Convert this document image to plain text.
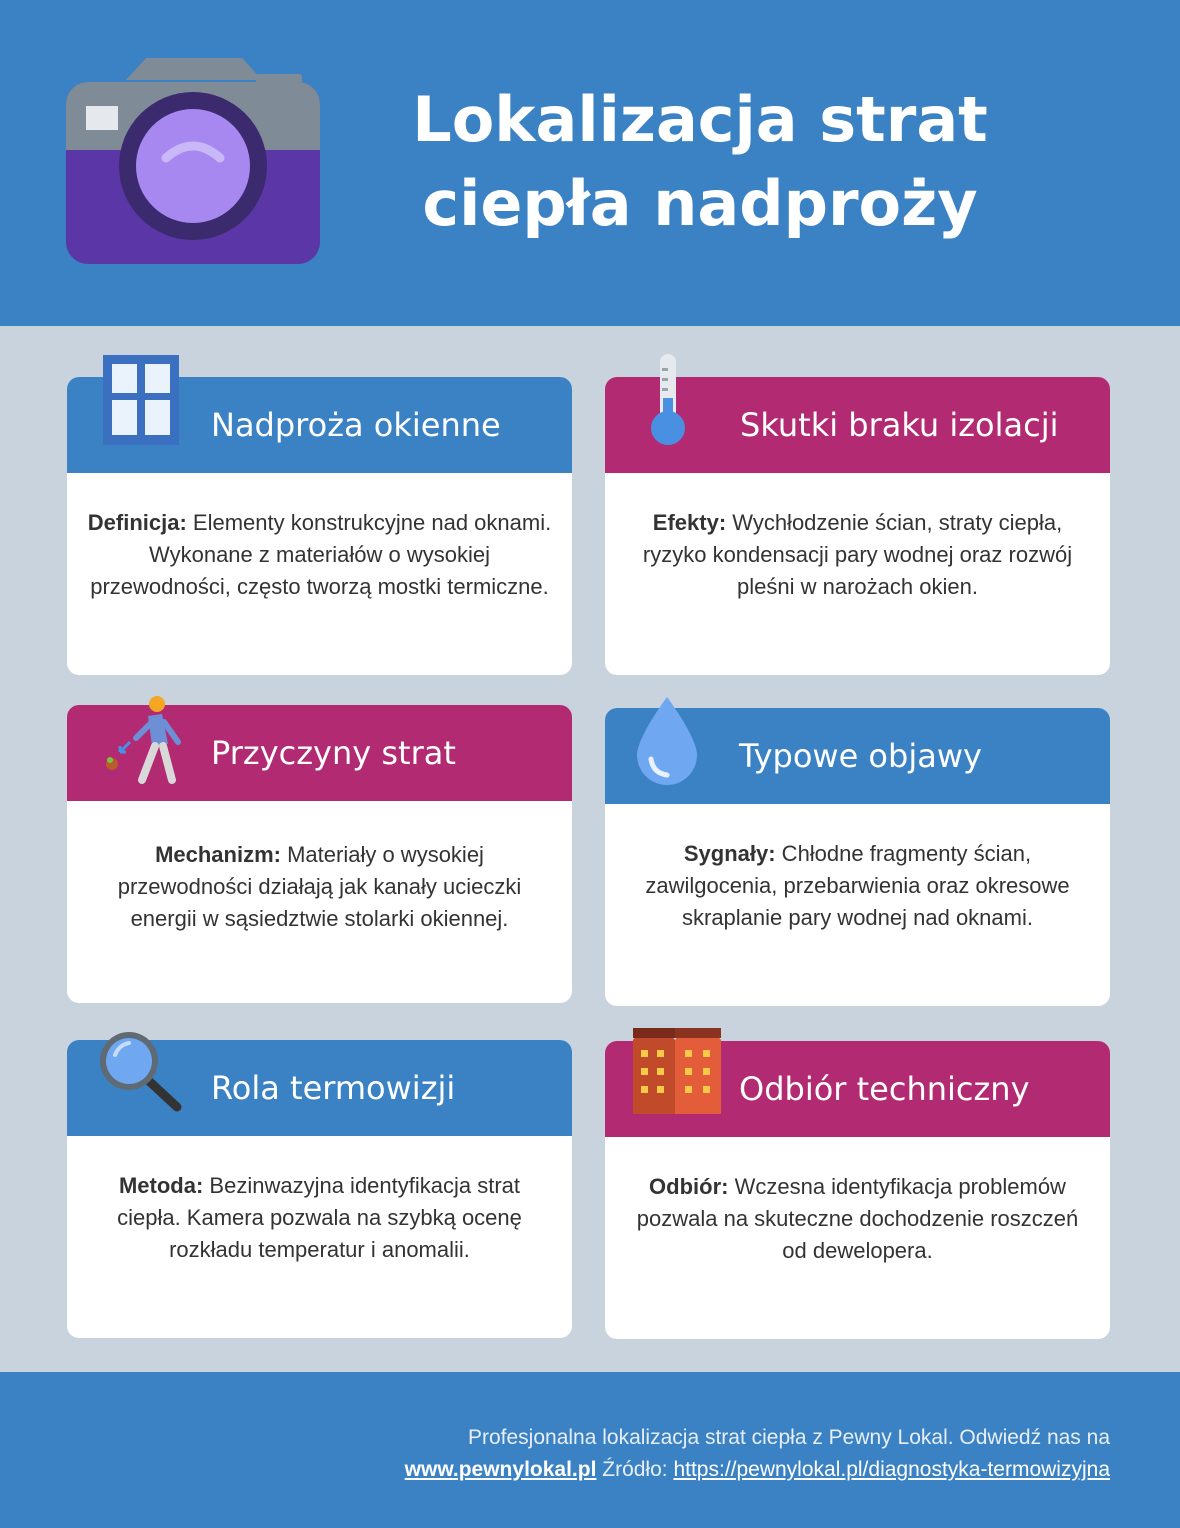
Lokalizacja strat
ciepła nadproży
Nadproża okienne
Definicja: Elementy konstrukcyjne nad oknami. Wykonane z materiałów o wysokiej przewodności, często tworzą mostki termiczne.
Skutki braku izolacji
Efekty: Wychłodzenie ścian, straty ciepła, ryzyko kondensacji pary wodnej oraz rozwój pleśni w narożach okien.
Przyczyny strat
Mechanizm: Materiały o wysokiej przewodności działają jak kanały ucieczki energii w sąsiedztwie stolarki okiennej.
Typowe objawy
Sygnały: Chłodne fragmenty ścian, zawilgocenia, przebarwienia oraz okresowe skraplanie pary wodnej nad oknami.
Rola termowizji
Metoda: Bezinwazyjna identyfikacja strat ciepła. Kamera pozwala na szybką ocenę rozkładu temperatur i anomalii.
Odbiór techniczny
Odbiór: Wczesna identyfikacja problemów pozwala na skuteczne dochodzenie roszczeń od dewelopera.
Profesjonalna lokalizacja strat ciepła z Pewny Lokal. Odwiedź nas na
www.pewnylokal.pl Źródło: https://pewnylokal.pl/diagnostyka-termowizyjna
